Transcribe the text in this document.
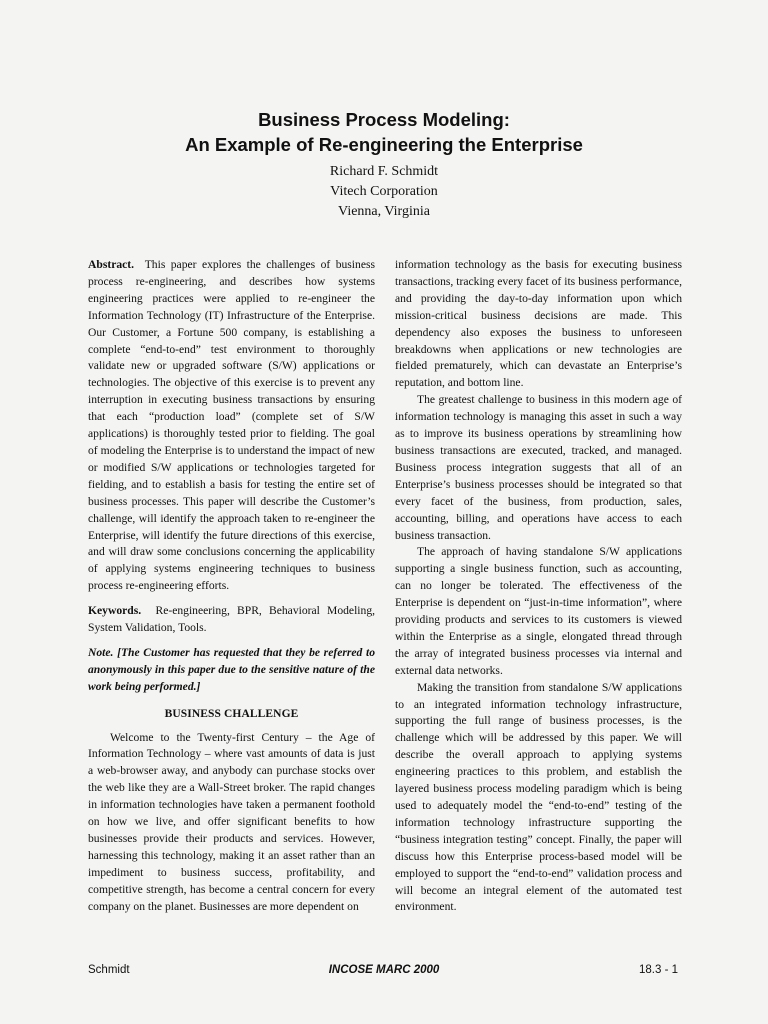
Business Process Modeling:
An Example of Re-engineering the Enterprise
Richard F. Schmidt
Vitech Corporation
Vienna, Virginia

Abstract. This paper explores the challenges of business process re-engineering, and describes how systems engineering practices were applied to re-engineer the Information Technology (IT) Infrastructure of the Enterprise. Our Customer, a Fortune 500 company, is establishing a complete “end-to-end” test environment to thoroughly validate new or upgraded software (S/W) applications or technologies. The objective of this exercise is to prevent any interruption in executing business transactions by ensuring that each “production load” (complete set of S/W applications) is thoroughly tested prior to fielding. The goal of modeling the Enterprise is to understand the impact of new or modified S/W applications or technologies targeted for fielding, and to establish a basis for testing the entire set of business processes. This paper will describe the Customer’s challenge, will identify the approach taken to re-engineer the Enterprise, will identify the future directions of this exercise, and will draw some conclusions concerning the applicability of applying systems engineering techniques to business process re-engineering efforts.

Keywords. Re-engineering, BPR, Behavioral Modeling, System Validation, Tools.

Note. [The Customer has requested that they be referred to anonymously in this paper due to the sensitive nature of the work being performed.]

BUSINESS CHALLENGE

Welcome to the Twenty-first Century – the Age of Information Technology – where vast amounts of data is just a web-browser away, and anybody can purchase stocks over the web like they are a Wall-Street broker. The rapid changes in information technologies have taken a permanent foothold on how we live, and offer significant benefits to how businesses provide their products and services. However, harnessing this technology, making it an asset rather than an impediment to business success, profitability, and competitive strength, has become a central concern for every company on the planet. Businesses are more dependent on

information technology as the basis for executing business transactions, tracking every facet of its business performance, and providing the day-to-day information upon which mission-critical business decisions are made. This dependency also exposes the business to unforeseen breakdowns when applications or new technologies are fielded prematurely, which can devastate an Enterprise’s reputation, and bottom line.

The greatest challenge to business in this modern age of information technology is managing this asset in such a way as to improve its business operations by streamlining how business transactions are executed, tracked, and managed. Business process integration suggests that all of an Enterprise’s business processes should be integrated so that every facet of the business, from production, sales, accounting, billing, and operations have access to each business transaction.

The approach of having standalone S/W applications supporting a single business function, such as accounting, can no longer be tolerated. The effectiveness of the Enterprise is dependent on “just-in-time information”, where providing products and services to its customers is viewed within the Enterprise as a single, elongated thread through the array of integrated business processes via internal and external data networks.

Making the transition from standalone S/W applications to an integrated information technology infrastructure, supporting the full range of business processes, is the challenge which will be addressed by this paper. We will describe the overall approach to applying systems engineering practices to this problem, and establish the layered business process modeling paradigm which is being used to adequately model the “end-to-end” testing of the information technology infrastructure supporting the “business integration testing” concept. Finally, the paper will discuss how this Enterprise process-based model will be employed to support the “end-to-end” validation process and will become an integral element of the automated test environment.

Schmidt	INCOSE MARC 2000	18.3 - 1
